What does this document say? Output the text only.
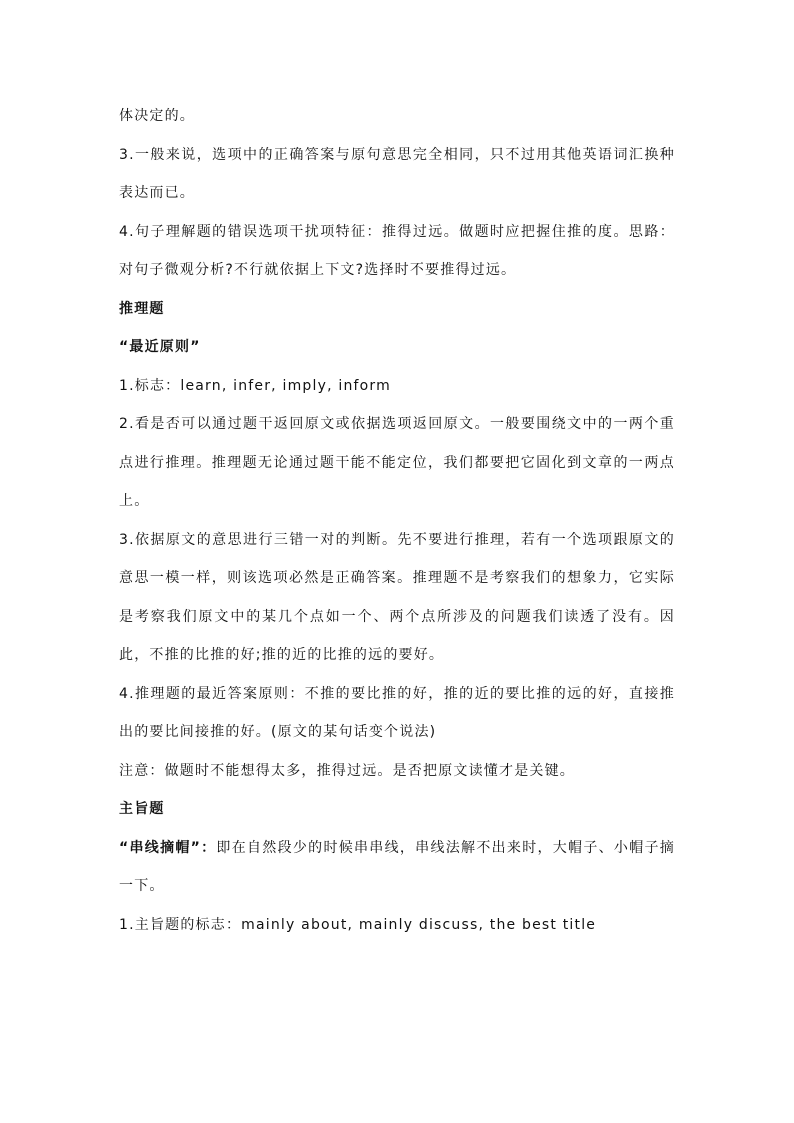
体决定的。

3.一般来说，选项中的正确答案与原句意思完全相同，只不过用其他英语词汇换种表达而已。

4.句子理解题的错误选项干扰项特征：推得过远。做题时应把握住推的度。思路：对句子微观分析?不行就依据上下文?选择时不要推得过远。

推理题

“最近原则”

1.标志：learn, infer, imply, inform

2.看是否可以通过题干返回原文或依据选项返回原文。一般要围绕文中的一两个重点进行推理。推理题无论通过题干能不能定位，我们都要把它固化到文章的一两点上。

3.依据原文的意思进行三错一对的判断。先不要进行推理，若有一个选项跟原文的意思一模一样，则该选项必然是正确答案。推理题不是考察我们的想象力，它实际是考察我们原文中的某几个点如一个、两个点所涉及的问题我们读透了没有。因此，不推的比推的好;推的近的比推的远的要好。

4.推理题的最近答案原则：不推的要比推的好，推的近的要比推的远的好，直接推出的要比间接推的好。(原文的某句话变个说法)

注意：做题时不能想得太多，推得过远。是否把原文读懂才是关键。

主旨题

“串线摘帽”：即在自然段少的时候串串线，串线法解不出来时，大帽子、小帽子摘一下。

1.主旨题的标志：mainly about, mainly discuss, the best title
